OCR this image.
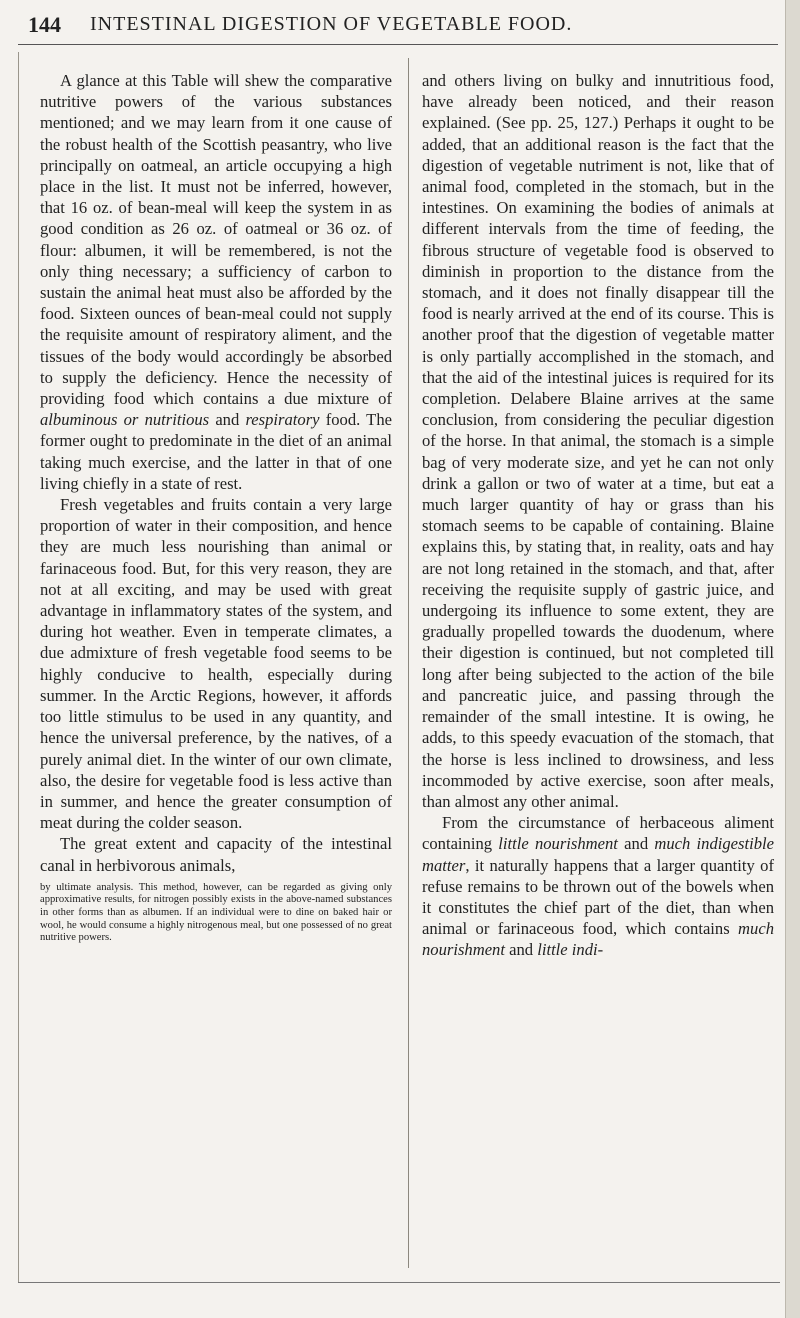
144 INTESTINAL DIGESTION OF VEGETABLE FOOD.

A glance at this Table will shew the comparative nutritive powers of the various substances mentioned; and we may learn from it one cause of the robust health of the Scottish peasantry, who live principally on oatmeal, an article occupying a high place in the list. It must not be inferred, however, that 16 oz. of bean-meal will keep the system in as good condition as 26 oz. of oatmeal or 36 oz. of flour: albumen, it will be remembered, is not the only thing necessary; a sufficiency of carbon to sustain the animal heat must also be afforded by the food. Sixteen ounces of bean-meal could not supply the requisite amount of respiratory aliment, and the tissues of the body would accordingly be absorbed to supply the deficiency. Hence the necessity of providing food which contains a due mixture of albuminous or nutritious and respiratory food. The former ought to predominate in the diet of an animal taking much exercise, and the latter in that of one living chiefly in a state of rest.

Fresh vegetables and fruits contain a very large proportion of water in their composition, and hence they are much less nourishing than animal or farinaceous food. But, for this very reason, they are not at all exciting, and may be used with great advantage in inflammatory states of the system, and during hot weather. Even in temperate climates, a due admixture of fresh vegetable food seems to be highly conducive to health, especially during summer. In the Arctic Regions, however, it affords too little stimulus to be used in any quantity, and hence the universal preference, by the natives, of a purely animal diet. In the winter of our own climate, also, the desire for vegetable food is less active than in summer, and hence the greater consumption of meat during the colder season.

The great extent and capacity of the intestinal canal in herbivorous animals,

by ultimate analysis. This method, however, can be regarded as giving only approximative results, for nitrogen possibly exists in the above-named substances in other forms than as albumen. If an individual were to dine on baked hair or wool, he would consume a highly nitrogenous meal, but one possessed of no great nutritive powers.

and others living on bulky and innutritious food, have already been noticed, and their reason explained. (See pp. 25, 127.) Perhaps it ought to be added, that an additional reason is the fact that the digestion of vegetable nutriment is not, like that of animal food, completed in the stomach, but in the intestines. On examining the bodies of animals at different intervals from the time of feeding, the fibrous structure of vegetable food is observed to diminish in proportion to the distance from the stomach, and it does not finally disappear till the food is nearly arrived at the end of its course. This is another proof that the digestion of vegetable matter is only partially accomplished in the stomach, and that the aid of the intestinal juices is required for its completion. Delabere Blaine arrives at the same conclusion, from considering the peculiar digestion of the horse. In that animal, the stomach is a simple bag of very moderate size, and yet he can not only drink a gallon or two of water at a time, but eat a much larger quantity of hay or grass than his stomach seems to be capable of containing. Blaine explains this, by stating that, in reality, oats and hay are not long retained in the stomach, and that, after receiving the requisite supply of gastric juice, and undergoing its influence to some extent, they are gradually propelled towards the duodenum, where their digestion is continued, but not completed till long after being subjected to the action of the bile and pancreatic juice, and passing through the remainder of the small intestine. It is owing, he adds, to this speedy evacuation of the stomach, that the horse is less inclined to drowsiness, and less incommoded by active exercise, soon after meals, than almost any other animal.

From the circumstance of herbaceous aliment containing little nourishment and much indigestible matter, it naturally happens that a larger quantity of refuse remains to be thrown out of the bowels when it constitutes the chief part of the diet, than when animal or farinaceous food, which contains much nourishment and little indi-
